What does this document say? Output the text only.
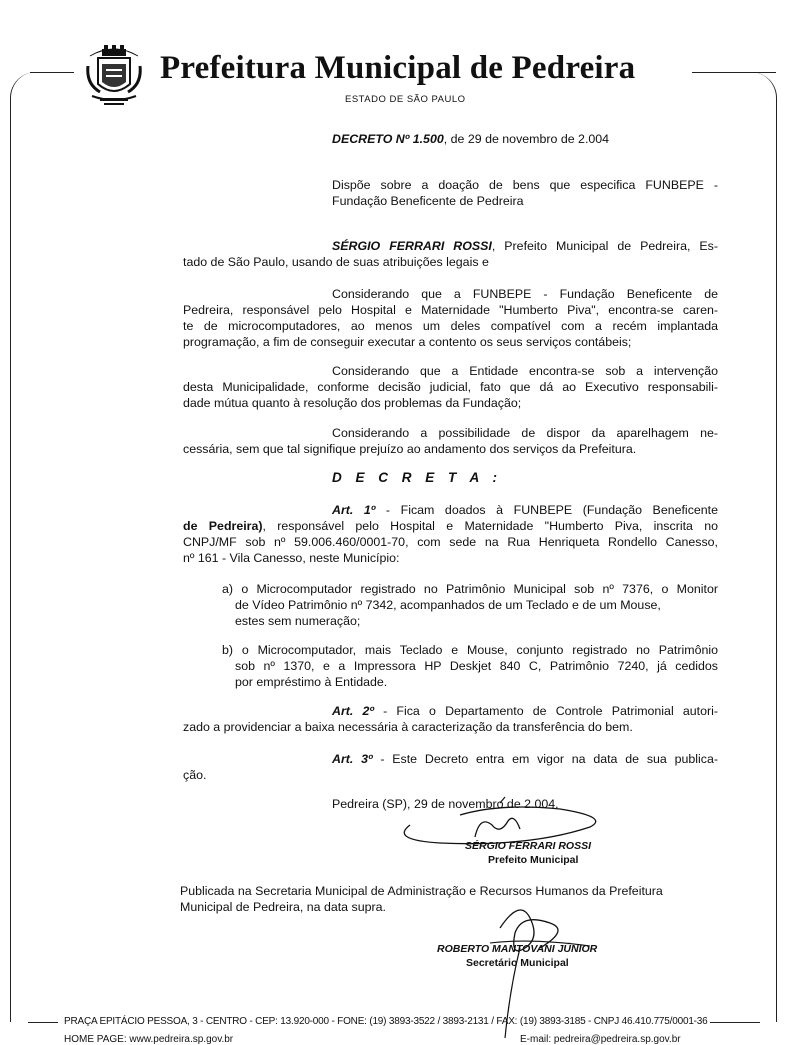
Prefeitura Municipal de Pedreira
ESTADO DE SÃO PAULO
DECRETO Nº 1.500, de 29 de novembro de 2.004
Dispõe sobre a doação de bens que especifica FUNBEPE -
Fundação Beneficente de Pedreira
SÉRGIO FERRARI ROSSI, Prefeito Municipal de Pedreira, Es-
tado de São Paulo, usando de suas atribuições legais e
Considerando que a FUNBEPE - Fundação Beneficente de
Pedreira, responsável pelo Hospital e Maternidade "Humberto Piva", encontra-se caren-
te de microcomputadores, ao menos um deles compatível com a recém implantada
programação, a fim de conseguir executar a contento os seus serviços contábeis;
Considerando que a Entidade encontra-se sob a intervenção
desta Municipalidade, conforme decisão judicial, fato que dá ao Executivo responsabili-
dade mútua quanto à resolução dos problemas da Fundação;
Considerando a possibilidade de dispor da aparelhagem ne-
cessária, sem que tal signifique prejuízo ao andamento dos serviços da Prefeitura.
D E C R E T A :
Art. 1º - Ficam doados à FUNBEPE (Fundação Beneficente
de Pedreira), responsável pelo Hospital e Maternidade "Humberto Piva, inscrita no
CNPJ/MF sob nº 59.006.460/0001-70, com sede na Rua Henriqueta Rondello Canesso,
nº 161 - Vila Canesso, neste Município:
a) o Microcomputador registrado no Patrimônio Municipal sob nº 7376, o Monitor
de Vídeo Patrimônio nº 7342, acompanhados de um Teclado e de um Mouse,
estes sem numeração;
b) o Microcomputador, mais Teclado e Mouse, conjunto registrado no Patrimônio
sob nº 1370, e a Impressora HP Deskjet 840 C, Patrimônio 7240, já cedidos
por empréstimo à Entidade.
Art. 2º - Fica o Departamento de Controle Patrimonial autori-
zado a providenciar a baixa necessária à caracterização da transferência do bem.
Art. 3º - Este Decreto entra em vigor na data de sua publica-
ção.
Pedreira (SP), 29 de novembro de 2.004.
SÉRGIO FERRARI ROSSI
Prefeito Municipal
Publicada na Secretaria Municipal de Administração e Recursos Humanos da Prefeitura
Municipal de Pedreira, na data supra.
ROBERTO MANTOVANI JÚNIOR
Secretário Municipal
PRAÇA EPITÁCIO PESSOA, 3 - CENTRO - CEP: 13.920-000 - FONE: (19) 3893-3522 / 3893-2131 / FAX: (19) 3893-3185 - CNPJ 46.410.775/0001-36
HOME PAGE: www.pedreira.sp.gov.br	E-mail: pedreira@pedreira.sp.gov.br
